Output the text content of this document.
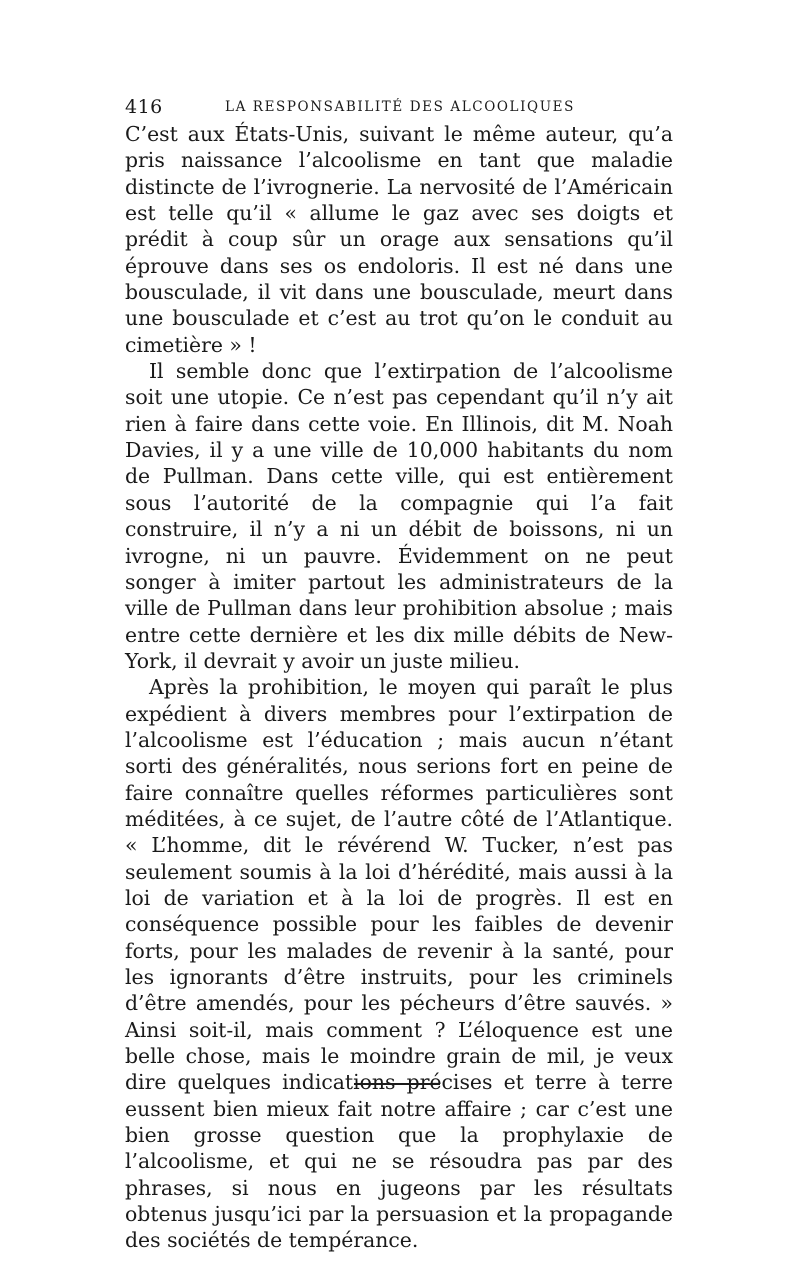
416	LA RESPONSABILITÉ DES ALCOOLIQUES

C’est aux États-Unis, suivant le même auteur, qu’a pris naissance l’alcoolisme en tant que maladie distincte de l’ivrognerie. La nervosité de l’Américain est telle qu’il « allume le gaz avec ses doigts et prédit à coup sûr un orage aux sensations qu’il éprouve dans ses os endoloris. Il est né dans une bousculade, il vit dans une bousculade, meurt dans une bousculade et c’est au trot qu’on le conduit au cimetière » !

Il semble donc que l’extirpation de l’alcoolisme soit une utopie. Ce n’est pas cependant qu’il n’y ait rien à faire dans cette voie. En Illinois, dit M. Noah Davies, il y a une ville de 10,000 habitants du nom de Pullman. Dans cette ville, qui est entièrement sous l’autorité de la compagnie qui l’a fait construire, il n’y a ni un débit de boissons, ni un ivrogne, ni un pauvre. Évidemment on ne peut songer à imiter partout les administrateurs de la ville de Pullman dans leur prohibition absolue ; mais entre cette dernière et les dix mille débits de New-York, il devrait y avoir un juste milieu.

Après la prohibition, le moyen qui paraît le plus expédient à divers membres pour l’extirpation de l’alcoolisme est l’éducation ; mais aucun n’étant sorti des généralités, nous serions fort en peine de faire connaître quelles réformes particulières sont méditées, à ce sujet, de l’autre côté de l’Atlantique. « L’homme, dit le révérend W. Tucker, n’est pas seulement soumis à la loi d’hérédité, mais aussi à la loi de variation et à la loi de progrès. Il est en conséquence possible pour les faibles de devenir forts, pour les malades de revenir à la santé, pour les ignorants d’être instruits, pour les criminels d’être amendés, pour les pécheurs d’être sauvés. » Ainsi soit-il, mais comment ? L’éloquence est une belle chose, mais le moindre grain de mil, je veux dire quelques indications précises et terre à terre eussent bien mieux fait notre affaire ; car c’est une bien grosse question que la prophylaxie de l’alcoolisme, et qui ne se résoudra pas par des phrases, si nous en jugeons par les résultats obtenus jusqu’ici par la persuasion et la propagande des sociétés de tempérance.
